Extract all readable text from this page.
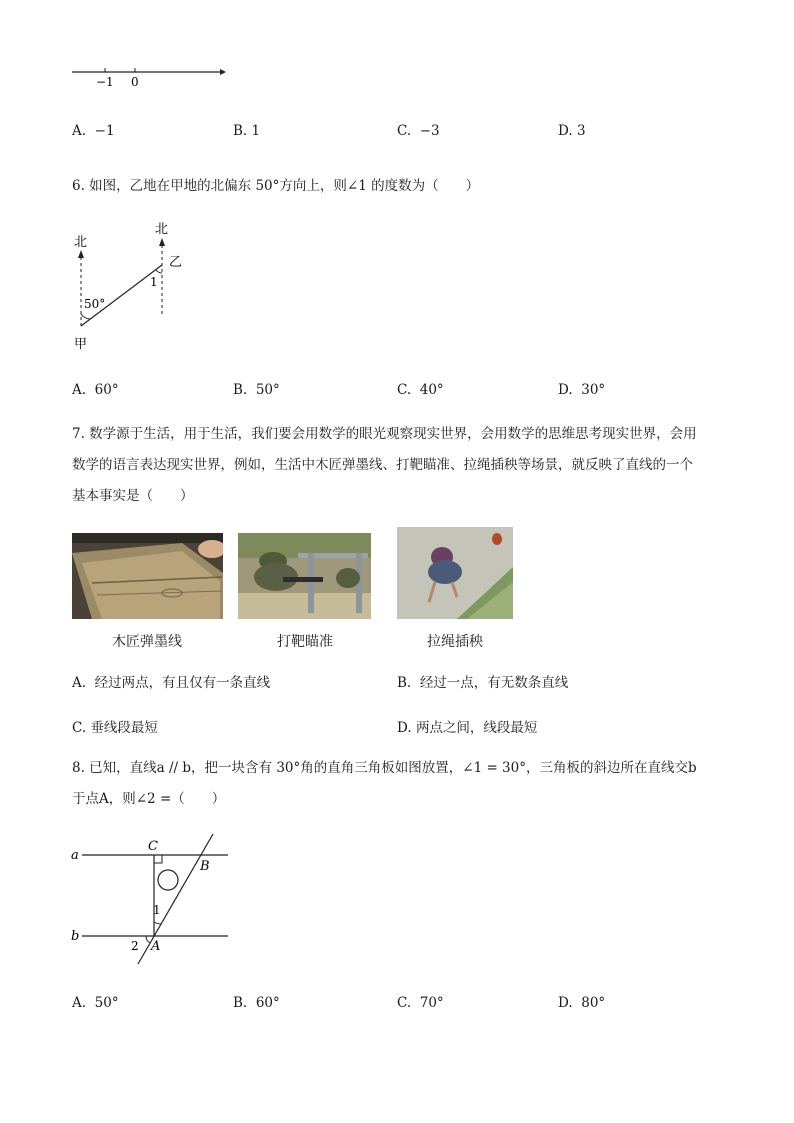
−1 0
A. −1	B. 1	C. −3	D. 3
6. 如图，乙地在甲地的北偏东 50°方向上，则∠1 的度数为（　　）
北
北
乙
1
50°
甲
A. 60°	B. 50°	C. 40°	D. 30°
7. 数学源于生活，用于生活，我们要会用数学的眼光观察现实世界，会用数学的思维思考现实世界，会用
数学的语言表达现实世界，例如，生活中木匠弹墨线、打靶瞄准、拉绳插秧等场景，就反映了直线的一个
基本事实是（　　）
木匠弹墨线	打靶瞄准	拉绳插秧
A. 经过两点，有且仅有一条直线	B. 经过一点，有无数条直线
C. 垂线段最短	D. 两点之间，线段最短
8. 已知，直线a // b，把一块含有 30°角的直角三角板如图放置，∠1 = 30°，三角板的斜边所在直线交b
于点A，则∠2 =（　　）
a
b
C
B
1
2 A
A. 50°	B. 60°	C. 70°	D. 80°
